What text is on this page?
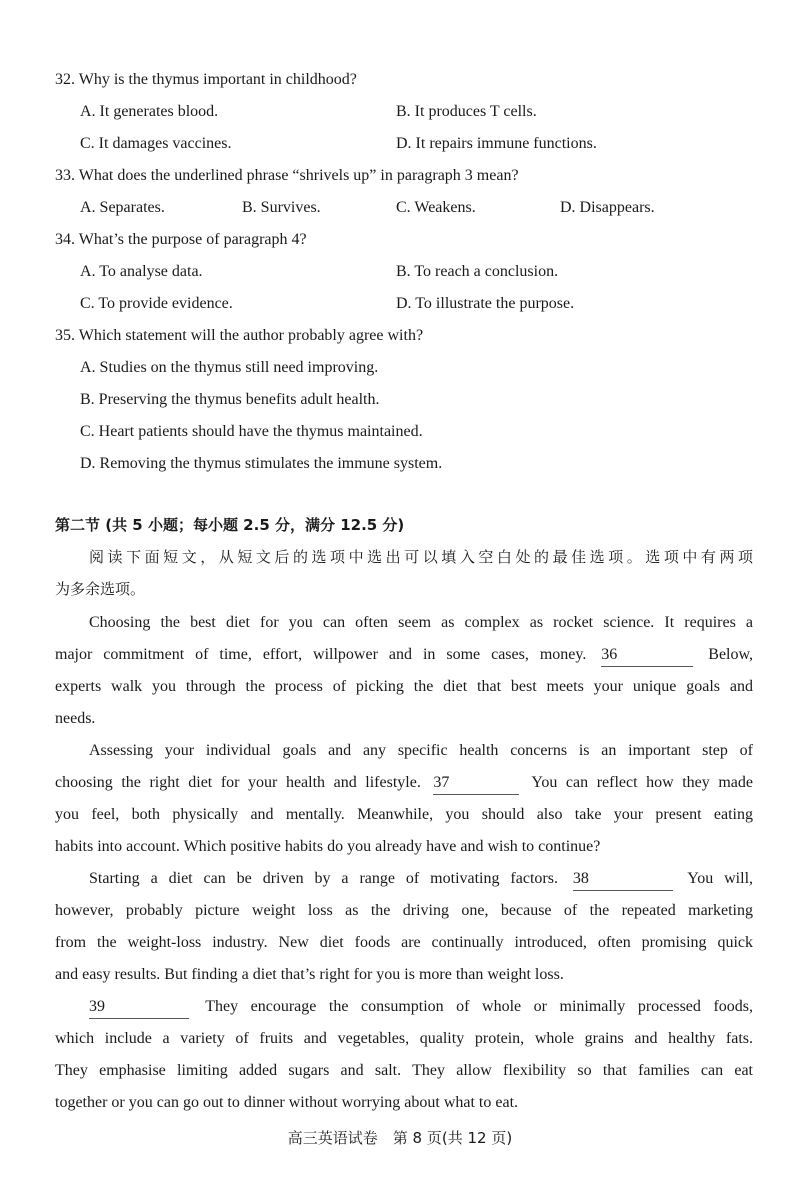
32. Why is the thymus important in childhood?
A. It generates blood.	B. It produces T cells.
C. It damages vaccines.	D. It repairs immune functions.
33. What does the underlined phrase “shrivels up” in paragraph 3 mean?
A. Separates.	B. Survives.	C. Weakens.	D. Disappears.
34. What’s the purpose of paragraph 4?
A. To analyse data.	B. To reach a conclusion.
C. To provide evidence.	D. To illustrate the purpose.
35. Which statement will the author probably agree with?
A. Studies on the thymus still need improving.
B. Preserving the thymus benefits adult health.
C. Heart patients should have the thymus maintained.
D. Removing the thymus stimulates the immune system.
第二节 (共 5 小题；每小题 2.5 分，满分 12.5 分)
阅读下面短文，从短文后的选项中选出可以填入空白处的最佳选项。选项中有两项
为多余选项。
Choosing the best diet for you can often seem as complex as rocket science. It requires a
major commitment of time, effort, willpower and in some cases, money. 36	Below,
experts walk you through the process of picking the diet that best meets your unique goals and
needs.
Assessing your individual goals and any specific health concerns is an important step of
choosing the right diet for your health and lifestyle. 37	You can reflect how they made
you feel, both physically and mentally. Meanwhile, you should also take your present eating
habits into account. Which positive habits do you already have and wish to continue?
Starting a diet can be driven by a range of motivating factors. 38	You will,
however, probably picture weight loss as the driving one, because of the repeated marketing
from the weight-loss industry. New diet foods are continually introduced, often promising quick
and easy results. But finding a diet that’s right for you is more than weight loss.
39	They encourage the consumption of whole or minimally processed foods,
which include a variety of fruits and vegetables, quality protein, whole grains and healthy fats.
They emphasise limiting added sugars and salt. They allow flexibility so that families can eat
together or you can go out to dinner without worrying about what to eat.
高三英语试卷　第 8 页(共 12 页)
